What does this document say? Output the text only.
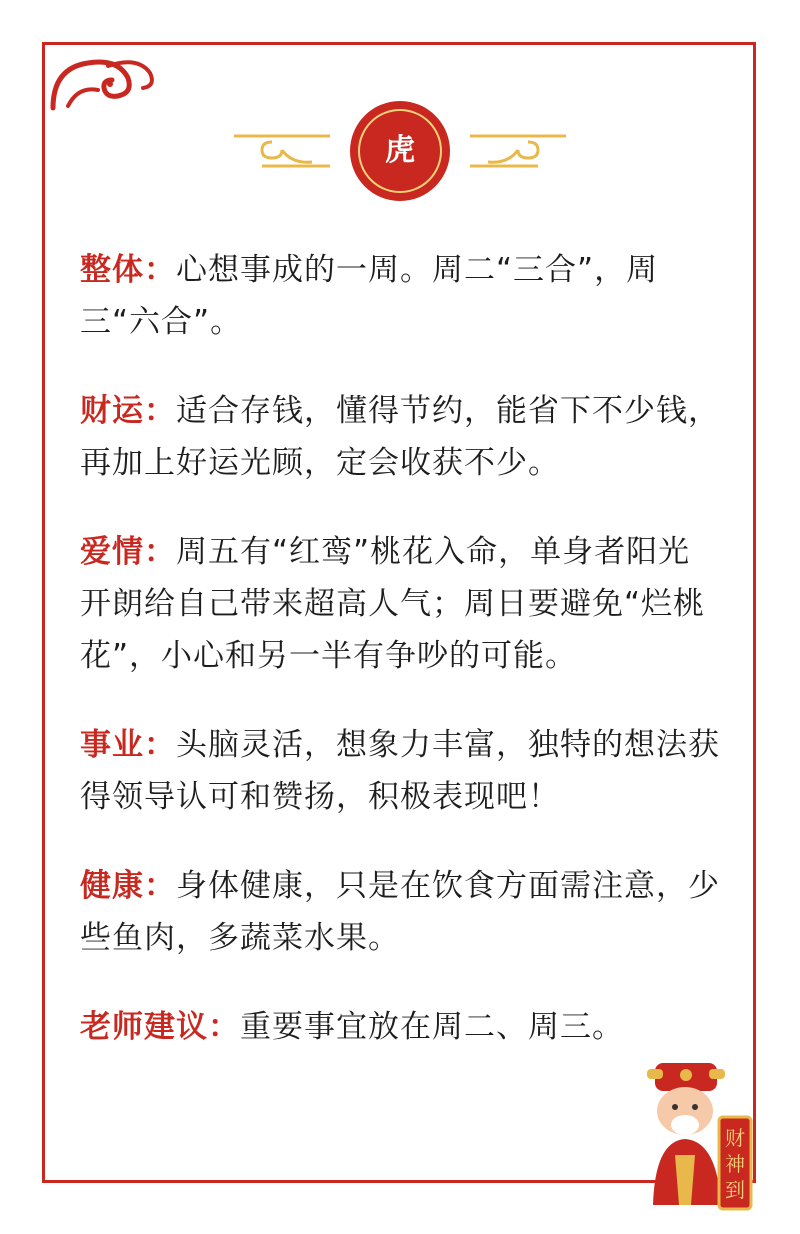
虎

整体：心想事成的一周。周二“三合”，周三“六合”。

财运：适合存钱，懂得节约，能省下不少钱，再加上好运光顾，定会收获不少。

爱情：周五有“红鸾”桃花入命，单身者阳光开朗给自己带来超高人气；周日要避免“烂桃花”，小心和另一半有争吵的可能。

事业：头脑灵活，想象力丰富，独特的想法获得领导认可和赞扬，积极表现吧！

健康：身体健康，只是在饮食方面需注意，少些鱼肉，多蔬菜水果。

老师建议：重要事宜放在周二、周三。

财
神
到
